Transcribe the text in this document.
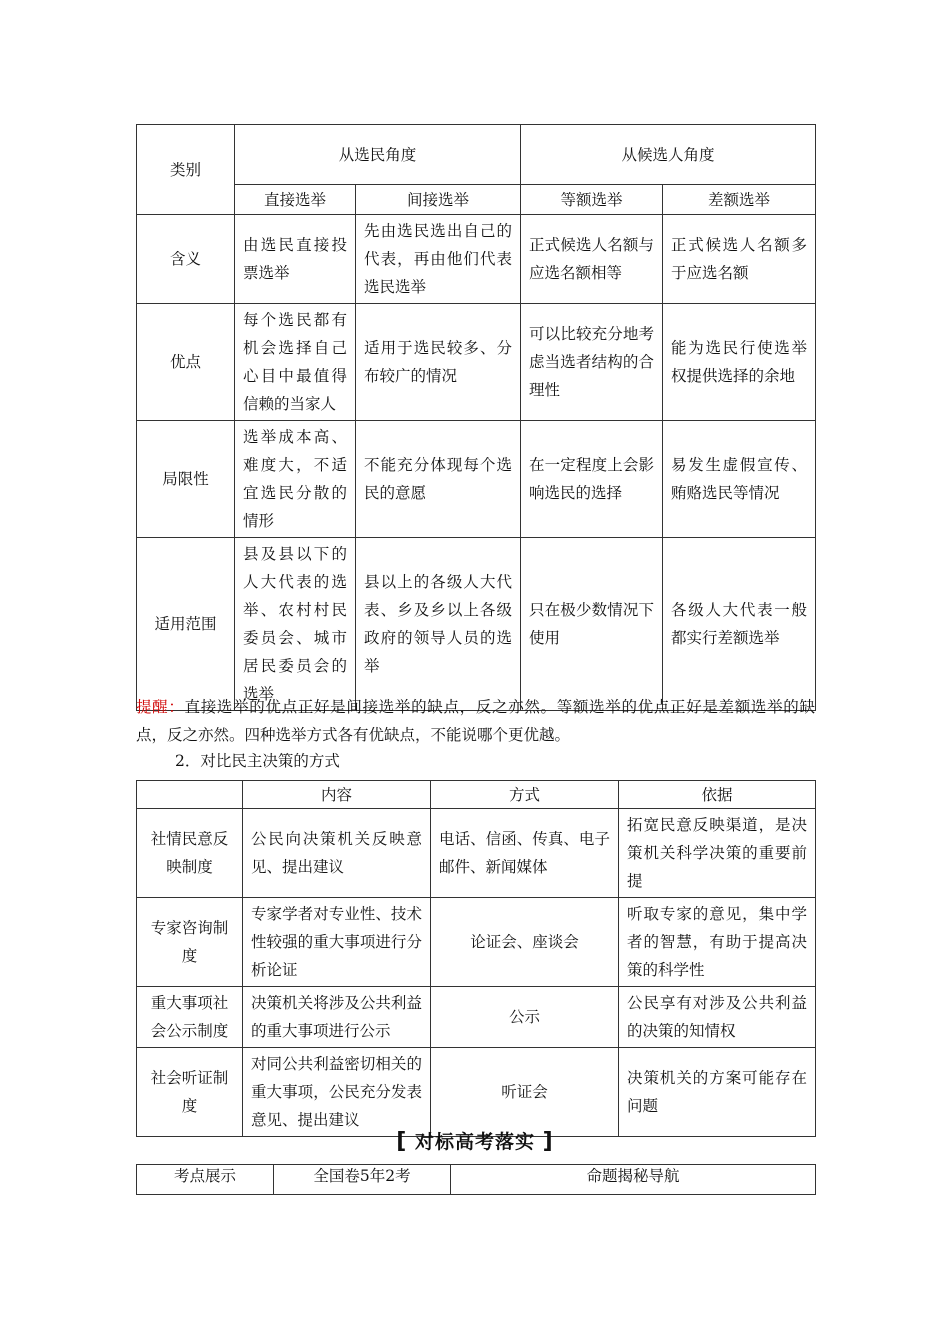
类别	从选民角度		从候选人角度	
	直接选举	间接选举	等额选举	差额选举
含义	由选民直接投票选举	先由选民选出自己的代表，再由他们代表选民选举	正式候选人名额与应选名额相等	正式候选人名额多于应选名额
优点	每个选民都有机会选择自己心目中最值得信赖的当家人	适用于选民较多、分布较广的情况	可以比较充分地考虑当选者结构的合理性	能为选民行使选举权提供选择的余地
局限性	选举成本高、难度大，不适宜选民分散的情形	不能充分体现每个选民的意愿	在一定程度上会影响选民的选择	易发生虚假宣传、贿赂选民等情况
适用范围	县及县以下的人大代表的选举、农村村民委员会、城市居民委员会的选举	县以上的各级人大代表、乡及乡以上各级政府的领导人员的选举	只在极少数情况下使用	各级人大代表一般都实行差额选举
提醒：直接选举的优点正好是间接选举的缺点，反之亦然。等额选举的优点正好是差额选举的缺点，反之亦然。四种选举方式各有优缺点，不能说哪个更优越。
2．对比民主决策的方式
	内容	方式	依据
社情民意反映制度	公民向决策机关反映意见、提出建议	电话、信函、传真、电子邮件、新闻媒体	拓宽民意反映渠道，是决策机关科学决策的重要前提
专家咨询制度	专家学者对专业性、技术性较强的重大事项进行分析论证	论证会、座谈会	听取专家的意见，集中学者的智慧，有助于提高决策的科学性
重大事项社会公示制度	决策机关将涉及公共利益的重大事项进行公示	公示	公民享有对涉及公共利益的决策的知情权
社会听证制度	对同公共利益密切相关的重大事项，公民充分发表意见、提出建议	听证会	决策机关的方案可能存在问题
[ 对标高考落实 ]
考点展示	全国卷5年2考	命题揭秘导航
